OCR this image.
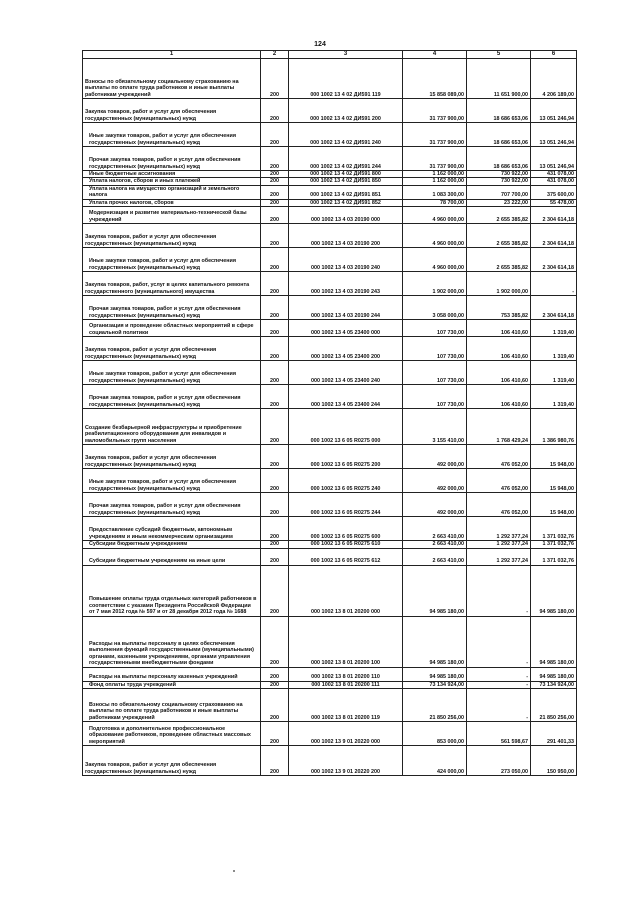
124
1	2	3	4	5	6
Взносы по обязательному социальному страхованию на выплаты по оплате труда работников и иные выплаты работникам учреждений	200	000 1002 13 4 02 ДИ591 119	15 858 089,00	11 651 900,00	4 206 189,00
Закупка товаров, работ и услуг для обеспечения государственных (муниципальных) нужд	200	000 1002 13 4 02 ДИ591 200	31 737 900,00	18 686 653,06	13 051 246,94
Иные закупки товаров, работ и услуг для обеспечения государственных (муниципальных) нужд	200	000 1002 13 4 02 ДИ591 240	31 737 900,00	18 686 653,06	13 051 246,94
Прочая закупка товаров, работ и услуг для обеспечения государственных (муниципальных) нужд	200	000 1002 13 4 02 ДИ591 244	31 737 900,00	18 686 653,06	13 051 246,94
Иные бюджетные ассигнования	200	000 1002 13 4 02 ДИ591 800	1 162 000,00	730 922,00	431 078,00
Уплата налогов, сборов и иных платежей	200	000 1002 13 4 02 ДИ591 850	1 162 000,00	730 922,00	431 078,00
Уплата налога на имущество организаций и земельного налога	200	000 1002 13 4 02 ДИ591 851	1 083 300,00	707 700,00	375 600,00
Уплата прочих налогов, сборов	200	000 1002 13 4 02 ДИ591 852	78 700,00	23 222,00	55 478,00
Модернизация и развитие материально-технической базы учреждений	200	000 1002 13 4 03 20190 000	4 960 000,00	2 655 385,82	2 304 614,18
Закупка товаров, работ и услуг для обеспечения государственных (муниципальных) нужд	200	000 1002 13 4 03 20190 200	4 960 000,00	2 655 385,82	2 304 614,18
Иные закупки товаров, работ и услуг для обеспечения государственных (муниципальных) нужд	200	000 1002 13 4 03 20190 240	4 960 000,00	2 655 385,82	2 304 614,18
Закупка товаров, работ, услуг в целях капитального ремонта государственного (муниципального) имущества	200	000 1002 13 4 03 20190 243	1 902 000,00	1 902 000,00	-
Прочая закупка товаров, работ и услуг для обеспечения государственных (муниципальных) нужд	200	000 1002 13 4 03 20190 244	3 058 000,00	753 385,82	2 304 614,18
Организация и проведение областных мероприятий в сфере социальной политики	200	000 1002 13 4 05 23400 000	107 730,00	106 410,60	1 319,40
Закупка товаров, работ и услуг для обеспечения государственных (муниципальных) нужд	200	000 1002 13 4 05 23400 200	107 730,00	106 410,60	1 319,40
Иные закупки товаров, работ и услуг для обеспечения государственных (муниципальных) нужд	200	000 1002 13 4 05 23400 240	107 730,00	106 410,60	1 319,40
Прочая закупка товаров, работ и услуг для обеспечения государственных (муниципальных) нужд	200	000 1002 13 4 05 23400 244	107 730,00	106 410,60	1 319,40
Создание безбарьерной инфраструктуры и приобретение реабилитационного оборудования для инвалидов и маломобильных групп населения	200	000 1002 13 6 05 R0275 000	3 155 410,00	1 768 429,24	1 386 980,76
Закупка товаров, работ и услуг для обеспечения государственных (муниципальных) нужд	200	000 1002 13 6 05 R0275 200	492 000,00	476 052,00	15 948,00
Иные закупки товаров, работ и услуг для обеспечения государственных (муниципальных) нужд	200	000 1002 13 6 05 R0275 240	492 000,00	476 052,00	15 948,00
Прочая закупка товаров, работ и услуг для обеспечения государственных (муниципальных) нужд	200	000 1002 13 6 05 R0275 244	492 000,00	476 052,00	15 948,00
Предоставление субсидий бюджетным, автономным учреждениям и иным некоммерческим организациям	200	000 1002 13 6 05 R0275 600	2 663 410,00	1 292 377,24	1 371 032,76
Субсидии бюджетным учреждениям	200	000 1002 13 6 05 R0275 610	2 663 410,00	1 292 377,24	1 371 032,76
Субсидии бюджетным учреждениям на иные цели	200	000 1002 13 6 05 R0275 612	2 663 410,00	1 292 377,24	1 371 032,76
Повышение оплаты труда отдельных категорий работников в соответствии с указами Президента Российской Федерации от 7 мая 2012 года № 597 и от 28 декабря 2012 года № 1688	200	000 1002 13 8 01 20200 000	94 985 180,00	-	94 985 180,00
Расходы на выплаты персоналу в целях обеспечения выполнения функций государственными (муниципальными) органами, казенными учреждениями, органами управления государственными внебюджетными фондами	200	000 1002 13 8 01 20200 100	94 985 180,00	-	94 985 180,00
Расходы на выплаты персоналу казенных учреждений	200	000 1002 13 8 01 20200 110	94 985 180,00	-	94 985 180,00
Фонд оплаты труда учреждений	200	000 1002 13 8 01 20200 111	73 134 924,00	-	73 134 924,00
Взносы по обязательному социальному страхованию на выплаты по оплате труда работников и иные выплаты работникам учреждений	200	000 1002 13 8 01 20200 119	21 850 256,00	-	21 850 256,00
Подготовка и дополнительное профессиональное образование работников, проведение областных массовых мероприятий	200	000 1002 13 9 01 20220 000	853 000,00	561 598,67	291 401,33
Закупка товаров, работ и услуг для обеспечения государственных (муниципальных) нужд	200	000 1002 13 9 01 20220 200	424 000,00	273 050,00	150 950,00
